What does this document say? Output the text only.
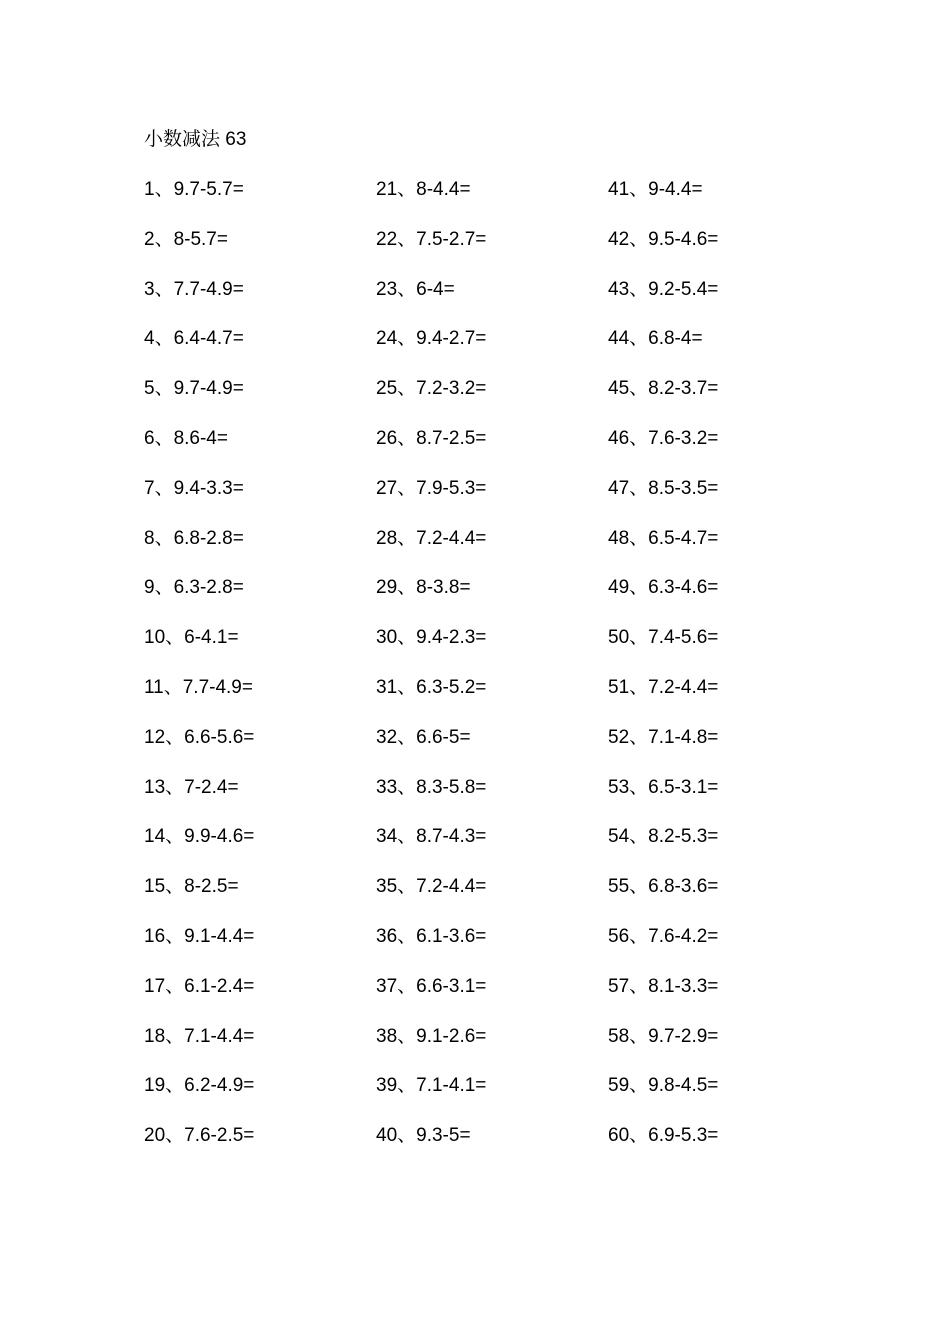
小数减法 63
1、9.7-5.7=
2、8-5.7=
3、7.7-4.9=
4、6.4-4.7=
5、9.7-4.9=
6、8.6-4=
7、9.4-3.3=
8、6.8-2.8=
9、6.3-2.8=
10、6-4.1=
11、7.7-4.9=
12、6.6-5.6=
13、7-2.4=
14、9.9-4.6=
15、8-2.5=
16、9.1-4.4=
17、6.1-2.4=
18、7.1-4.4=
19、6.2-4.9=
20、7.6-2.5=
21、8-4.4=
22、7.5-2.7=
23、6-4=
24、9.4-2.7=
25、7.2-3.2=
26、8.7-2.5=
27、7.9-5.3=
28、7.2-4.4=
29、8-3.8=
30、9.4-2.3=
31、6.3-5.2=
32、6.6-5=
33、8.3-5.8=
34、8.7-4.3=
35、7.2-4.4=
36、6.1-3.6=
37、6.6-3.1=
38、9.1-2.6=
39、7.1-4.1=
40、9.3-5=
41、9-4.4=
42、9.5-4.6=
43、9.2-5.4=
44、6.8-4=
45、8.2-3.7=
46、7.6-3.2=
47、8.5-3.5=
48、6.5-4.7=
49、6.3-4.6=
50、7.4-5.6=
51、7.2-4.4=
52、7.1-4.8=
53、6.5-3.1=
54、8.2-5.3=
55、6.8-3.6=
56、7.6-4.2=
57、8.1-3.3=
58、9.7-2.9=
59、9.8-4.5=
60、6.9-5.3=
